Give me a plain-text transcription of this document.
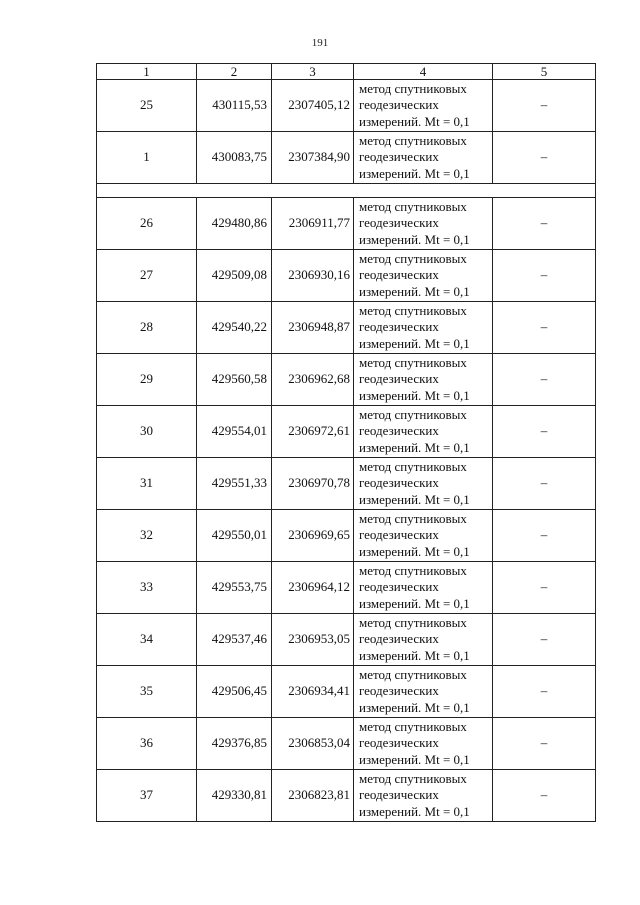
191
1	2	3	4	5
25	430115,53	2307405,12	метод спутниковых
геодезических
измерений. Mt = 0,1	–
1	430083,75	2307384,90	метод спутниковых
геодезических
измерений. Mt = 0,1	–

26	429480,86	2306911,77	метод спутниковых
геодезических
измерений. Mt = 0,1	–
27	429509,08	2306930,16	метод спутниковых
геодезических
измерений. Mt = 0,1	–
28	429540,22	2306948,87	метод спутниковых
геодезических
измерений. Mt = 0,1	–
29	429560,58	2306962,68	метод спутниковых
геодезических
измерений. Mt = 0,1	–
30	429554,01	2306972,61	метод спутниковых
геодезических
измерений. Mt = 0,1	–
31	429551,33	2306970,78	метод спутниковых
геодезических
измерений. Mt = 0,1	–
32	429550,01	2306969,65	метод спутниковых
геодезических
измерений. Mt = 0,1	–
33	429553,75	2306964,12	метод спутниковых
геодезических
измерений. Mt = 0,1	–
34	429537,46	2306953,05	метод спутниковых
геодезических
измерений. Mt = 0,1	–
35	429506,45	2306934,41	метод спутниковых
геодезических
измерений. Mt = 0,1	–
36	429376,85	2306853,04	метод спутниковых
геодезических
измерений. Mt = 0,1	–
37	429330,81	2306823,81	метод спутниковых
геодезических
измерений. Mt = 0,1	–
